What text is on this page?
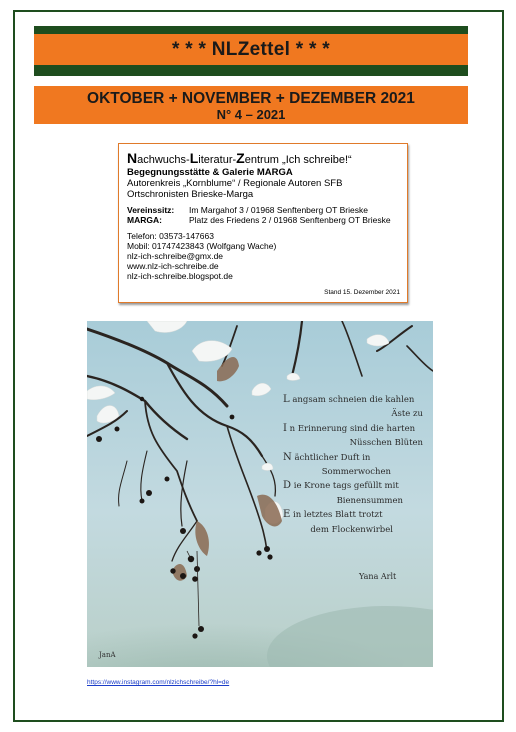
* * * NLZettel * * *
OKTOBER + NOVEMBER + DEZEMBER 2021
N° 4 – 2021
Nachwuchs-Literatur-Zentrum „Ich schreibe!“
Begegnungsstätte & Galerie MARGA
Autorenkreis „Kornblume“ / Regionale Autoren SFB
Ortschronisten Brieske-Marga
Vereinssitz:	Im Margahof 3 / 01968 Senftenberg OT Brieske
MARGA:	Platz des Friedens 2 / 01968 Senftenberg OT Brieske
Telefon: 03573-147663
Mobil: 01747423843 (Wolfgang Wache)
nlz-ich-schreibe@gmx.de
www.nlz-ich-schreibe.de
nlz-ich-schreibe.blogspot.de
Stand 15. Dezember 2021
L angsam schneien die kahlen
Äste zu
I n Erinnerung sind die harten
Nüsschen Blüten
N ächtlicher Duft in
Sommerwochen
D ie Krone tags gefüllt mit
Bienensummen
E in letztes Blatt trotzt
dem Flockenwirbel
Yana Arlt
JanA
https://www.instagram.com/nlzichschreibe/?hl=de
